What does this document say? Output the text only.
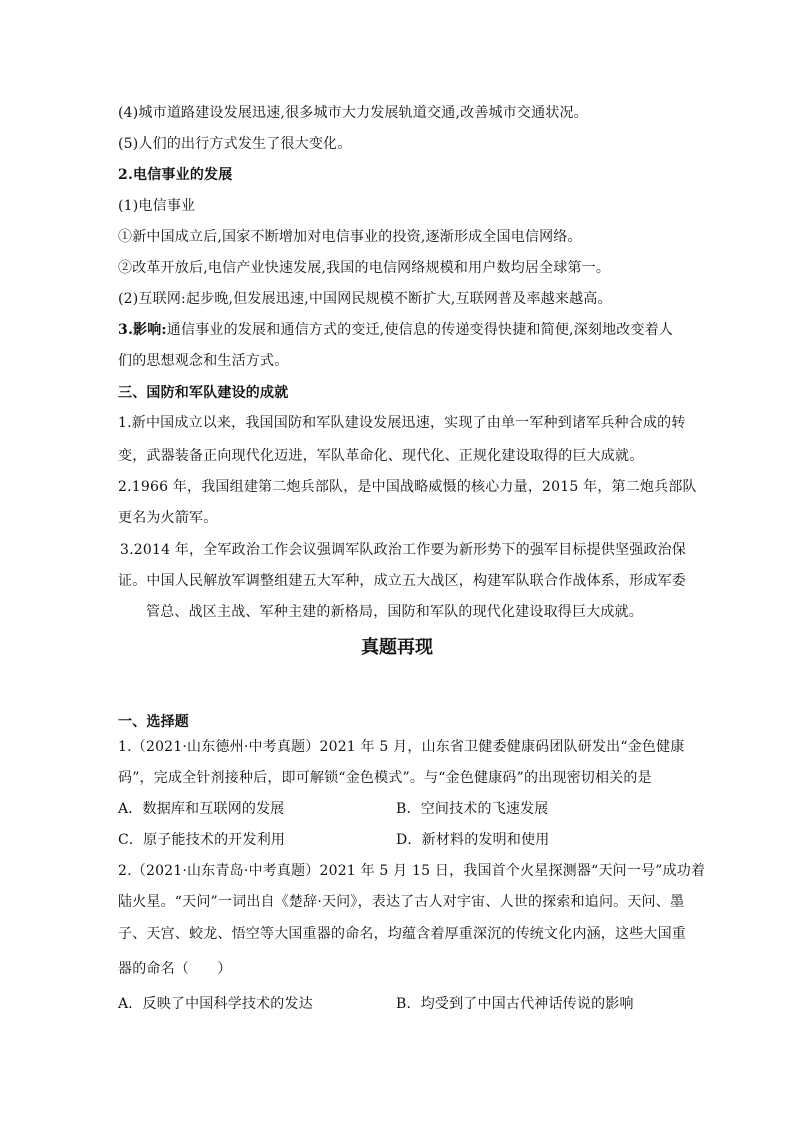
(4)城市道路建设发展迅速,很多城市大力发展轨道交通,改善城市交通状况。
(5)人们的出行方式发生了很大变化。
2.电信事业的发展
(1)电信事业
①新中国成立后,国家不断增加对电信事业的投资,逐渐形成全国电信网络。
②改革开放后,电信产业快速发展,我国的电信网络规模和用户数均居全球第一。
(2)互联网:起步晚,但发展迅速,中国网民规模不断扩大,互联网普及率越来越高。
3.影响:通信事业的发展和通信方式的变迁,使信息的传递变得快捷和简便,深刻地改变着人
们的思想观念和生活方式。
三、国防和军队建设的成就
1.新中国成立以来，我国国防和军队建设发展迅速，实现了由单一军种到诸军兵种合成的转
变，武器装备正向现代化迈进，军队革命化、现代化、正规化建设取得的巨大成就。
2.1966 年，我国组建第二炮兵部队，是中国战略威慑的核心力量，2015 年，第二炮兵部队
更名为火箭军。
3.2014 年，全军政治工作会议强调军队政治工作要为新形势下的强军目标提供坚强政治保
证。中国人民解放军调整组建五大军种，成立五大战区，构建军队联合作战体系，形成军委
管总、战区主战、军种主建的新格局，国防和军队的现代化建设取得巨大成就。
真题再现
一、选择题
1.（2021·山东德州·中考真题）2021 年 5 月，山东省卫健委健康码团队研发出“金色健康
码”，完成全针剂接种后，即可解锁“金色模式”。与“金色健康码”的出现密切相关的是
A．数据库和互联网的发展	B．空间技术的飞速发展
C．原子能技术的开发利用	D．新材料的发明和使用
2.（2021·山东青岛·中考真题）2021 年 5 月 15 日，我国首个火星探测器“天问一号”成功着
陆火星。“天问”一词出自《楚辞·天问》，表达了古人对宇宙、人世的探索和追问。天问、墨
子、天宫、蛟龙、悟空等大国重器的命名，均蕴含着厚重深沉的传统文化内涵，这些大国重
器的命名（　　）
A．反映了中国科学技术的发达	B．均受到了中国古代神话传说的影响
